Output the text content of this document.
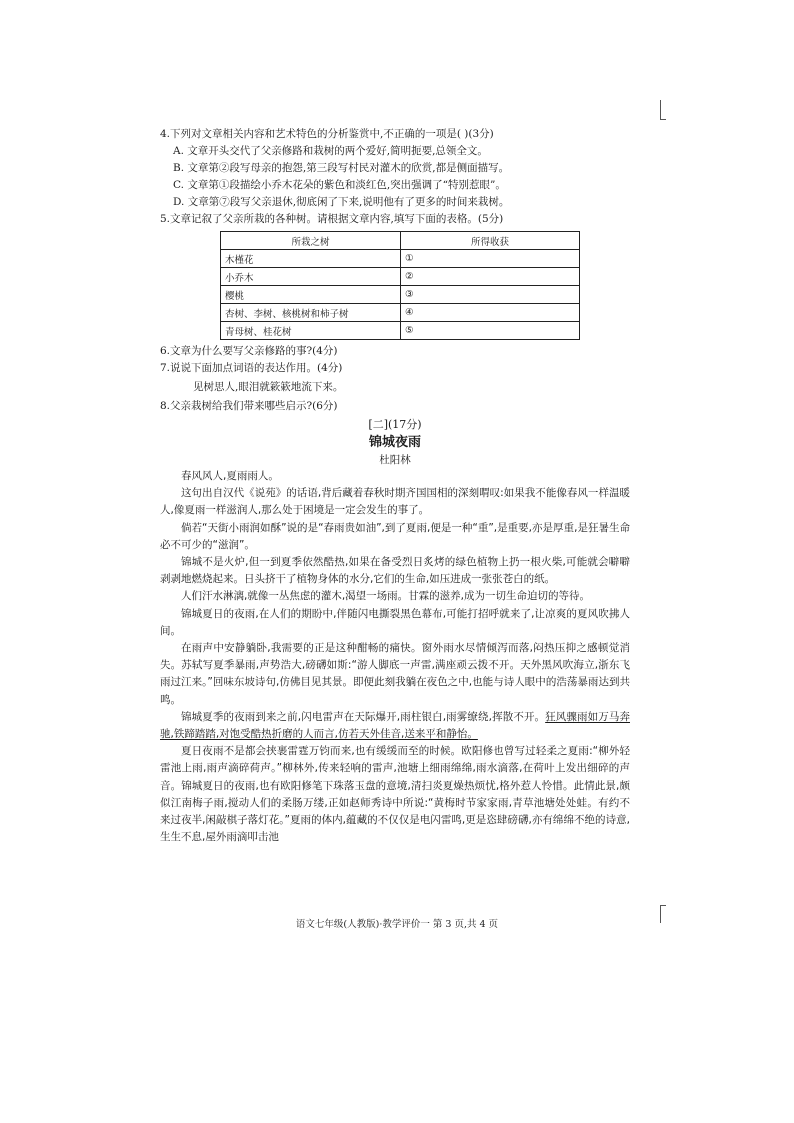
4.下列对文章相关内容和艺术特色的分析鉴赏中,不正确的一项是( )(3分)
A. 文章开头交代了父亲修路和栽树的两个爱好,简明扼要,总领全文。
B. 文章第②段写母亲的抱怨,第三段写村民对灌木的欣赏,都是侧面描写。
C. 文章第①段描绘小乔木花朵的紫色和淡红色,突出强调了“特别惹眼”。
D. 文章第⑦段写父亲退休,彻底闲了下来,说明他有了更多的时间来栽树。
5.文章记叙了父亲所栽的各种树。请根据文章内容,填写下面的表格。(5分)
所栽之树	所得收获
木槿花	①
小乔木	②
樱桃	③
杏树、李树、核桃树和柿子树	④
青母树、桂花树	⑤
6.文章为什么要写父亲修路的事?(4分)
7.说说下面加点词语的表达作用。(4分)
见树思人,眼泪就簌簌地流下来。
8.父亲栽树给我们带来哪些启示?(6分)
[二](17分)
锦城夜雨
杜阳林

春风风人,夏雨雨人。

这句出自汉代《说苑》的话语,背后藏着春秋时期齐国国相的深刻喟叹:如果我不能像春风一样温暖人,像夏雨一样滋润人,那么处于困境是一定会发生的事了。

倘若“天街小雨润如酥”说的是“春雨贵如油”,到了夏雨,便是一种“重”,是重要,亦是厚重,是狂暑生命必不可少的“滋润”。

锦城不是火炉,但一到夏季依然酷热,如果在备受烈日炙烤的绿色植物上扔一根火柴,可能就会噼噼剥剥地燃烧起来。日头挤干了植物身体的水分,它们的生命,如压进成一张张苍白的纸。

人们汗水淋漓,就像一丛焦虑的灌木,渴望一场雨。甘霖的滋养,成为一切生命迫切的等待。

锦城夏日的夜雨,在人们的期盼中,伴随闪电撕裂黑色幕布,可能打招呼就来了,让凉爽的夏风吹拂人间。

在雨声中安静躺卧,我需要的正是这种酣畅的痛快。窗外雨水尽情倾泻而落,闷热压抑之感顿觉消失。苏轼写夏季暴雨,声势浩大,磅礴如斯:“游人脚底一声雷,满座顽云拨不开。天外黑风吹海立,浙东飞雨过江来。”回味东坡诗句,仿佛目见其景。即便此刻我躺在夜色之中,也能与诗人眼中的浩荡暴雨达到共鸣。

锦城夏季的夜雨到来之前,闪电雷声在天际爆开,雨柱银白,雨雾缭绕,挥散不开。狂风骤雨如万马奔驰,铁蹄踏踏,对饱受酷热折磨的人而言,仿若天外佳音,送来平和静怡。

夏日夜雨不是都会挟裹雷霆万钧而来,也有缓缓而至的时候。欧阳修也曾写过轻柔之夏雨:“柳外轻雷池上雨,雨声滴碎荷声。”柳林外,传来轻响的雷声,池塘上细雨绵绵,雨水滴落,在荷叶上发出细碎的声音。锦城夏日的夜雨,也有欧阳修笔下珠落玉盘的意境,清扫炎夏燥热烦忧,格外惹人怜惜。此情此景,颇似江南梅子雨,搅动人们的柔肠万缕,正如赵师秀诗中所说:“黄梅时节家家雨,青草池塘处处蛙。有约不来过夜半,闲敲棋子落灯花。”夏雨的体内,蕴藏的不仅仅是电闪雷鸣,更是恣肆磅礴,亦有绵绵不绝的诗意,生生不息,屋外雨滴叩击池

语文七年级(人教版)·教学评价一 第 3 页,共 4 页
